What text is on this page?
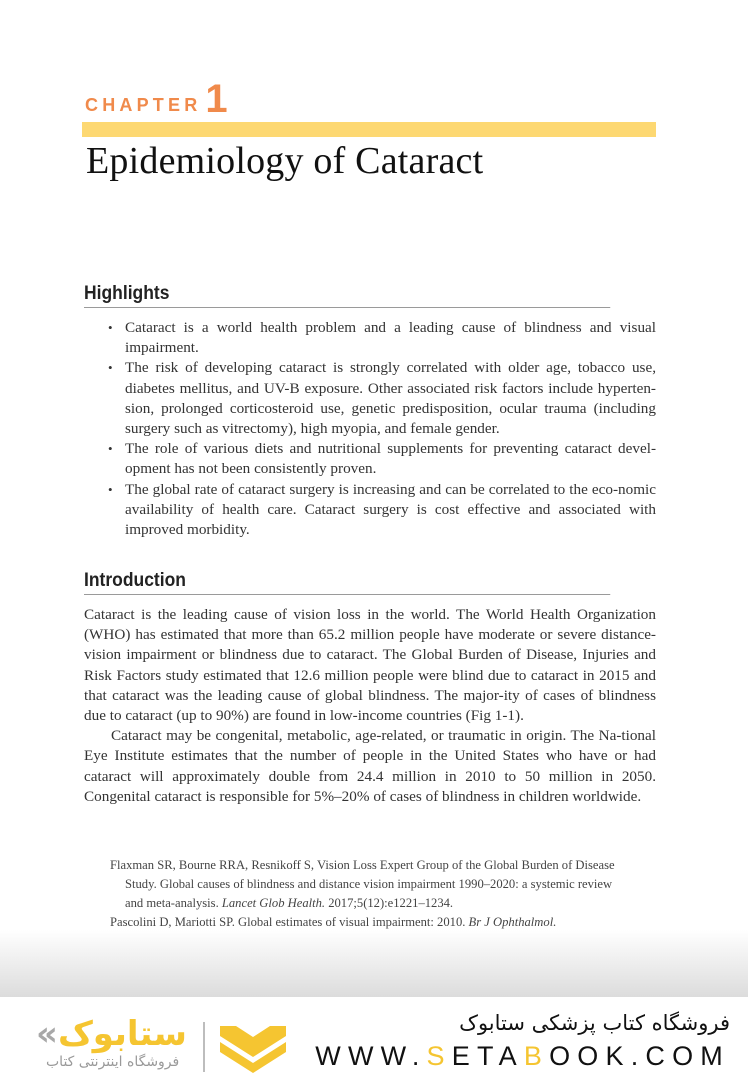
CHAPTER 1
Epidemiology of Cataract
Highlights
• Cataract is a world health problem and a leading cause of blindness and visual impairment.
• The risk of developing cataract is strongly correlated with older age, tobacco use, diabetes mellitus, and UV-B exposure. Other associated risk factors include hyperten-sion, prolonged corticosteroid use, genetic predisposition, ocular trauma (including surgery such as vitrectomy), high myopia, and female gender.
• The role of various diets and nutritional supplements for preventing cataract devel-opment has not been consistently proven.
• The global rate of cataract surgery is increasing and can be correlated to the eco-nomic availability of health care. Cataract surgery is cost effective and associated with improved morbidity.
Introduction

Cataract is the leading cause of vision loss in the world. The World Health Organization (WHO) has estimated that more than 65.2 million people have moderate or severe distance-vision impairment or blindness due to cataract. The Global Burden of Disease, Injuries and Risk Factors study estimated that 12.6 million people were blind due to cataract in 2015 and that cataract was the leading cause of global blindness. The major-ity of cases of blindness due to cataract (up to 90%) are found in low-income countries (Fig 1-1).

Cataract may be congenital, metabolic, age-related, or traumatic in origin. The Na-tional Eye Institute estimates that the number of people in the United States who have or had cataract will approximately double from 24.4 million in 2010 to 50 million in 2050. Congenital cataract is responsible for 5%–20% of cases of blindness in children worldwide.

Flaxman SR, Bourne RRA, Resnikoff S, Vision Loss Expert Group of the Global Burden of Disease Study. Global causes of blindness and distance vision impairment 1990–2020: a systemic review and meta-analysis. Lancet Glob Health. 2017;5(12):e1221–1234.

Pascolini D, Mariotti SP. Global estimates of visual impairment: 2010. Br J Ophthalmol.

«ستابوک
فروشگاه اینترنتی کتاب
فروشگاه کتاب پزشکی ستابوک
WWW.SETABOOK.COM
